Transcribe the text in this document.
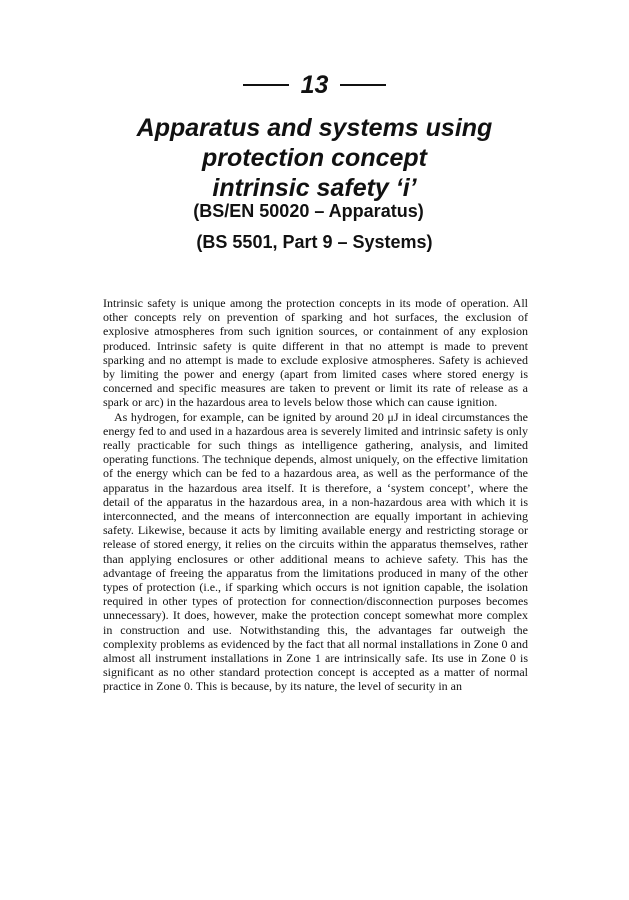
13
Apparatus and systems using
protection concept
intrinsic safety ‘i’
(BS/EN 50020 – Apparatus)
(BS 5501, Part 9 – Systems)

Intrinsic safety is unique among the protection concepts in its mode of operation. All other concepts rely on prevention of sparking and hot surfaces, the exclusion of explosive atmospheres from such ignition sources, or containment of any explosion produced. Intrinsic safety is quite different in that no attempt is made to prevent sparking and no attempt is made to exclude explosive atmospheres. Safety is achieved by limiting the power and energy (apart from limited cases where stored energy is concerned and specific measures are taken to prevent or limit its rate of release as a spark or arc) in the hazardous area to levels below those which can cause ignition.

As hydrogen, for example, can be ignited by around 20 μJ in ideal circumstances the energy fed to and used in a hazardous area is severely limited and intrinsic safety is only really practicable for such things as intelligence gathering, analysis, and limited operating functions. The technique depends, almost uniquely, on the effective limitation of the energy which can be fed to a hazardous area, as well as the performance of the apparatus in the hazardous area itself. It is therefore, a ‘system concept’, where the detail of the apparatus in the hazardous area, in a non-hazardous area with which it is interconnected, and the means of interconnection are equally important in achieving safety. Likewise, because it acts by limiting available energy and restricting storage or release of stored energy, it relies on the circuits within the apparatus themselves, rather than applying enclosures or other additional means to achieve safety. This has the advantage of freeing the apparatus from the limitations produced in many of the other types of protection (i.e., if sparking which occurs is not ignition capable, the isolation required in other types of protection for connection/disconnection purposes becomes unnecessary). It does, however, make the protection concept somewhat more complex in construction and use. Notwithstanding this, the advantages far outweigh the complexity problems as evidenced by the fact that all normal installations in Zone 0 and almost all instrument installations in Zone 1 are intrinsically safe. Its use in Zone 0 is significant as no other standard protection concept is accepted as a matter of normal practice in Zone 0. This is because, by its nature, the level of security in an
